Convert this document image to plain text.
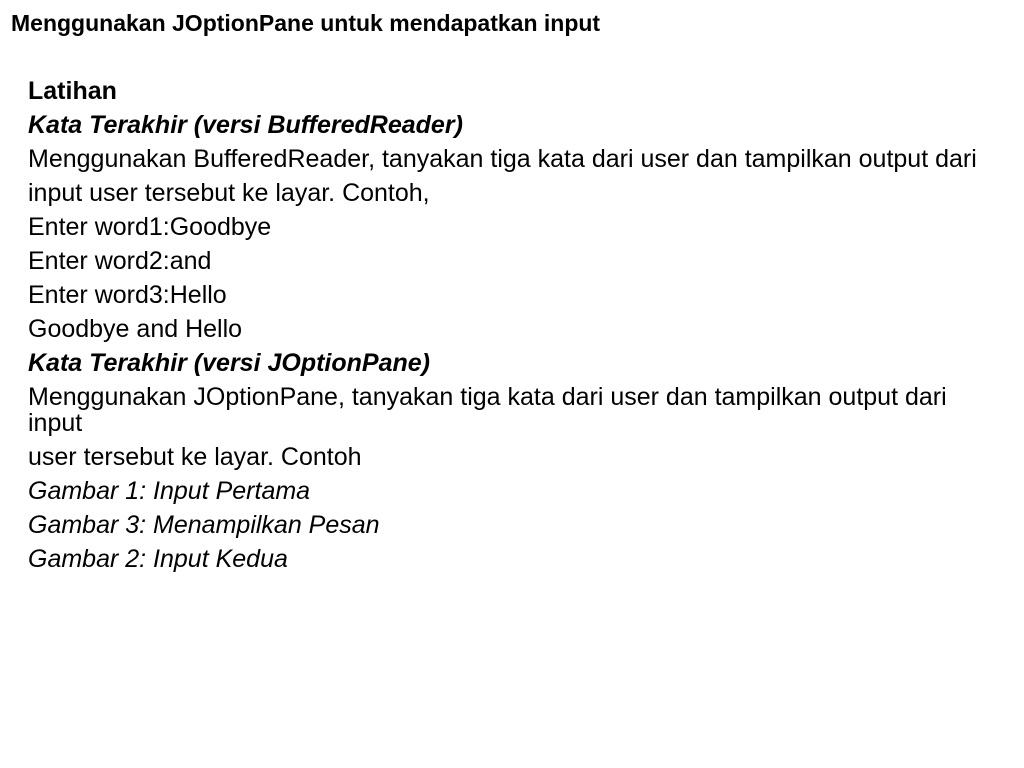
Menggunakan JOptionPane untuk mendapatkan input
Latihan
Kata Terakhir (versi BufferedReader)
Menggunakan BufferedReader, tanyakan tiga kata dari user dan tampilkan output dari
input user tersebut ke layar. Contoh,
Enter word1:Goodbye
Enter word2:and
Enter word3:Hello
Goodbye and Hello
Kata Terakhir (versi JOptionPane)
Menggunakan JOptionPane, tanyakan tiga kata dari user dan tampilkan output dari input
user tersebut ke layar. Contoh
Gambar 1: Input Pertama
Gambar 3: Menampilkan Pesan
Gambar 2: Input Kedua
